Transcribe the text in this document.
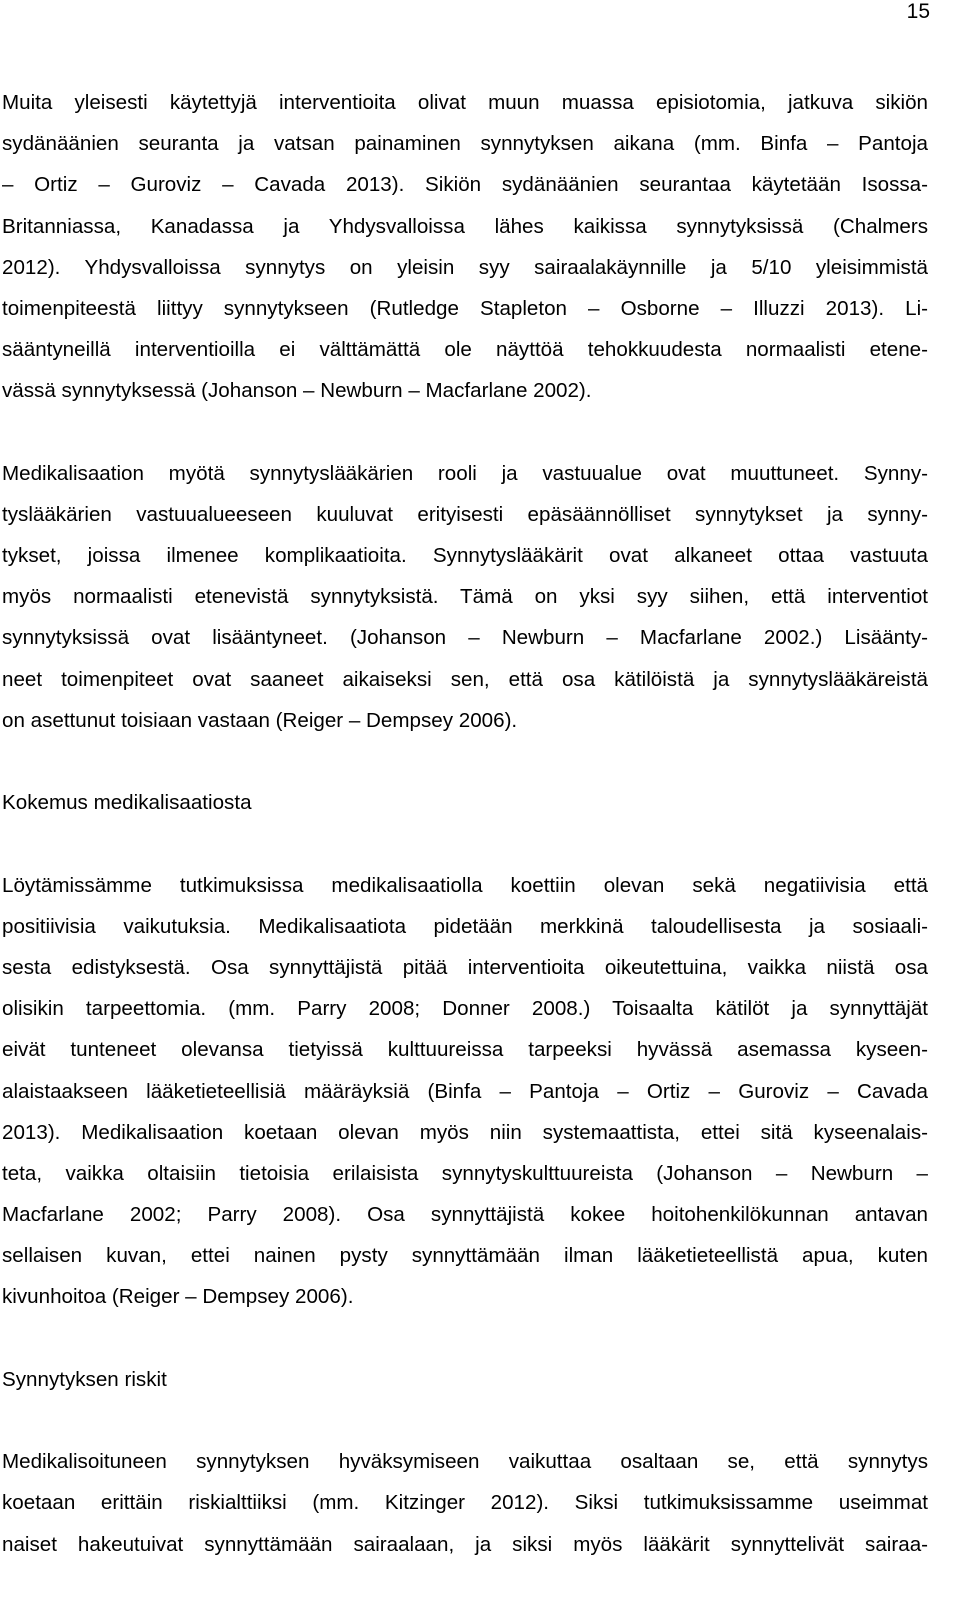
15
Muita yleisesti käytettyjä interventioita olivat muun muassa episiotomia, jatkuva sikiön
sydänäänien seuranta ja vatsan painaminen synnytyksen aikana (mm. Binfa – Pantoja
– Ortiz – Guroviz – Cavada 2013). Sikiön sydänäänien seurantaa käytetään Isossa-
Britanniassa, Kanadassa ja Yhdysvalloissa lähes kaikissa synnytyksissä (Chalmers
2012). Yhdysvalloissa synnytys on yleisin syy sairaalakäynnille ja 5/10 yleisimmistä
toimenpiteestä liittyy synnytykseen (Rutledge Stapleton – Osborne – Illuzzi 2013). Li-
sääntyneillä interventioilla ei välttämättä ole näyttöä tehokkuudesta normaalisti etene-
vässä synnytyksessä (Johanson – Newburn – Macfarlane 2002).
Medikalisaation myötä synnytyslääkärien rooli ja vastuualue ovat muuttuneet. Synny-
tyslääkärien vastuualueeseen kuuluvat erityisesti epäsäännölliset synnytykset ja synny-
tykset, joissa ilmenee komplikaatioita. Synnytyslääkärit ovat alkaneet ottaa vastuuta
myös normaalisti etenevistä synnytyksistä. Tämä on yksi syy siihen, että interventiot
synnytyksissä ovat lisääntyneet. (Johanson – Newburn – Macfarlane 2002.) Lisäänty-
neet toimenpiteet ovat saaneet aikaiseksi sen, että osa kätilöistä ja synnytyslääkäreistä
on asettunut toisiaan vastaan (Reiger – Dempsey 2006).
Kokemus medikalisaatiosta
Löytämissämme tutkimuksissa medikalisaatiolla koettiin olevan sekä negatiivisia että
positiivisia vaikutuksia. Medikalisaatiota pidetään merkkinä taloudellisesta ja sosiaali-
sesta edistyksestä. Osa synnyttäjistä pitää interventioita oikeutettuina, vaikka niistä osa
olisikin tarpeettomia. (mm. Parry 2008; Donner 2008.) Toisaalta kätilöt ja synnyttäjät
eivät tunteneet olevansa tietyissä kulttuureissa tarpeeksi hyvässä asemassa kyseen-
alaistaakseen lääketieteellisiä määräyksiä (Binfa – Pantoja – Ortiz – Guroviz – Cavada
2013). Medikalisaation koetaan olevan myös niin systemaattista, ettei sitä kyseenalais-
teta, vaikka oltaisiin tietoisia erilaisista synnytyskulttuureista (Johanson – Newburn –
Macfarlane 2002; Parry 2008). Osa synnyttäjistä kokee hoitohenkilökunnan antavan
sellaisen kuvan, ettei nainen pysty synnyttämään ilman lääketieteellistä apua, kuten
kivunhoitoa (Reiger – Dempsey 2006).
Synnytyksen riskit
Medikalisoituneen synnytyksen hyväksymiseen vaikuttaa osaltaan se, että synnytys
koetaan erittäin riskialttiiksi (mm. Kitzinger 2012). Siksi tutkimuksissamme useimmat
naiset hakeutuivat synnyttämään sairaalaan, ja siksi myös lääkärit synnyttelivät sairaa-
